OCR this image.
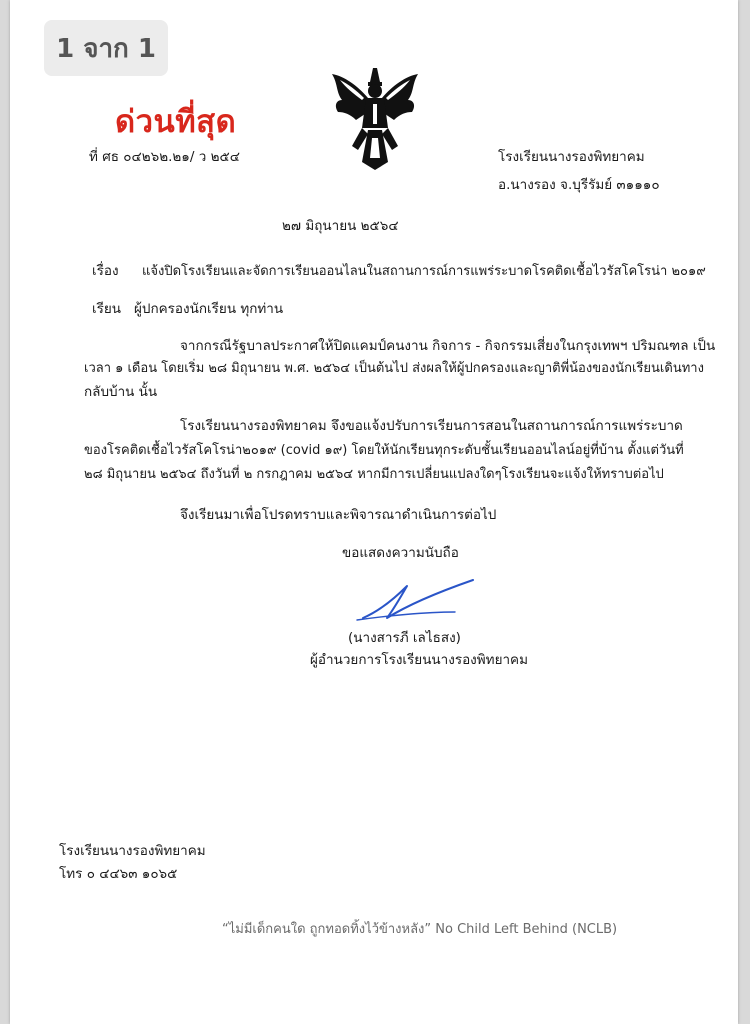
1 จาก 1
ด่วนที่สุด
ที่ ศธ ๐๔๒๖๒.๒๑/ ว ๒๕๔	โรงเรียนนางรองพิทยาคม
อ.นางรอง จ.บุรีรัมย์ ๓๑๑๑๐
๒๗ มิถุนายน ๒๕๖๔
เรื่อง แจ้งปิดโรงเรียนและจัดการเรียนออนไลนในสถานการณ์การแพร่ระบาดโรคติดเชื้อไวรัสโคโรน่า ๒๐๑๙
เรียน ผู้ปกครองนักเรียน ทุกท่าน
จากกรณีรัฐบาลประกาศให้ปิดแคมป์คนงาน กิจการ - กิจกรรมเสี่ยงในกรุงเทพฯ ปริมณฑล เป็น
เวลา ๑ เดือน โดยเริ่ม ๒๘ มิถุนายน พ.ศ. ๒๕๖๔ เป็นต้นไป ส่งผลให้ผู้ปกครองและญาติพี่น้องของนักเรียนเดินทาง
กลับบ้าน นั้น
โรงเรียนนางรองพิทยาคม จึงขอแจ้งปรับการเรียนการสอนในสถานการณ์การแพร่ระบาด
ของโรคติดเชื้อไวรัสโคโรน่า๒๐๑๙ (covid ๑๙) โดยให้นักเรียนทุกระดับชั้นเรียนออนไลน์อยู่ที่บ้าน ตั้งแต่วันที่
๒๘ มิถุนายน ๒๕๖๔ ถึงวันที่ ๒ กรกฎาคม ๒๕๖๔ หากมีการเปลี่ยนแปลงใดๆโรงเรียนจะแจ้งให้ทราบต่อไป
จึงเรียนมาเพื่อโปรดทราบและพิจารณาดำเนินการต่อไป
ขอแสดงความนับถือ
(นางสารภี เลไธสง)
ผู้อำนวยการโรงเรียนนางรองพิทยาคม
โรงเรียนนางรองพิทยาคม
โทร ๐ ๔๔๖๓ ๑๐๖๕
“ไม่มีเด็กคนใด ถูกทอดทิ้งไว้ข้างหลัง” No Child Left Behind (NCLB)
